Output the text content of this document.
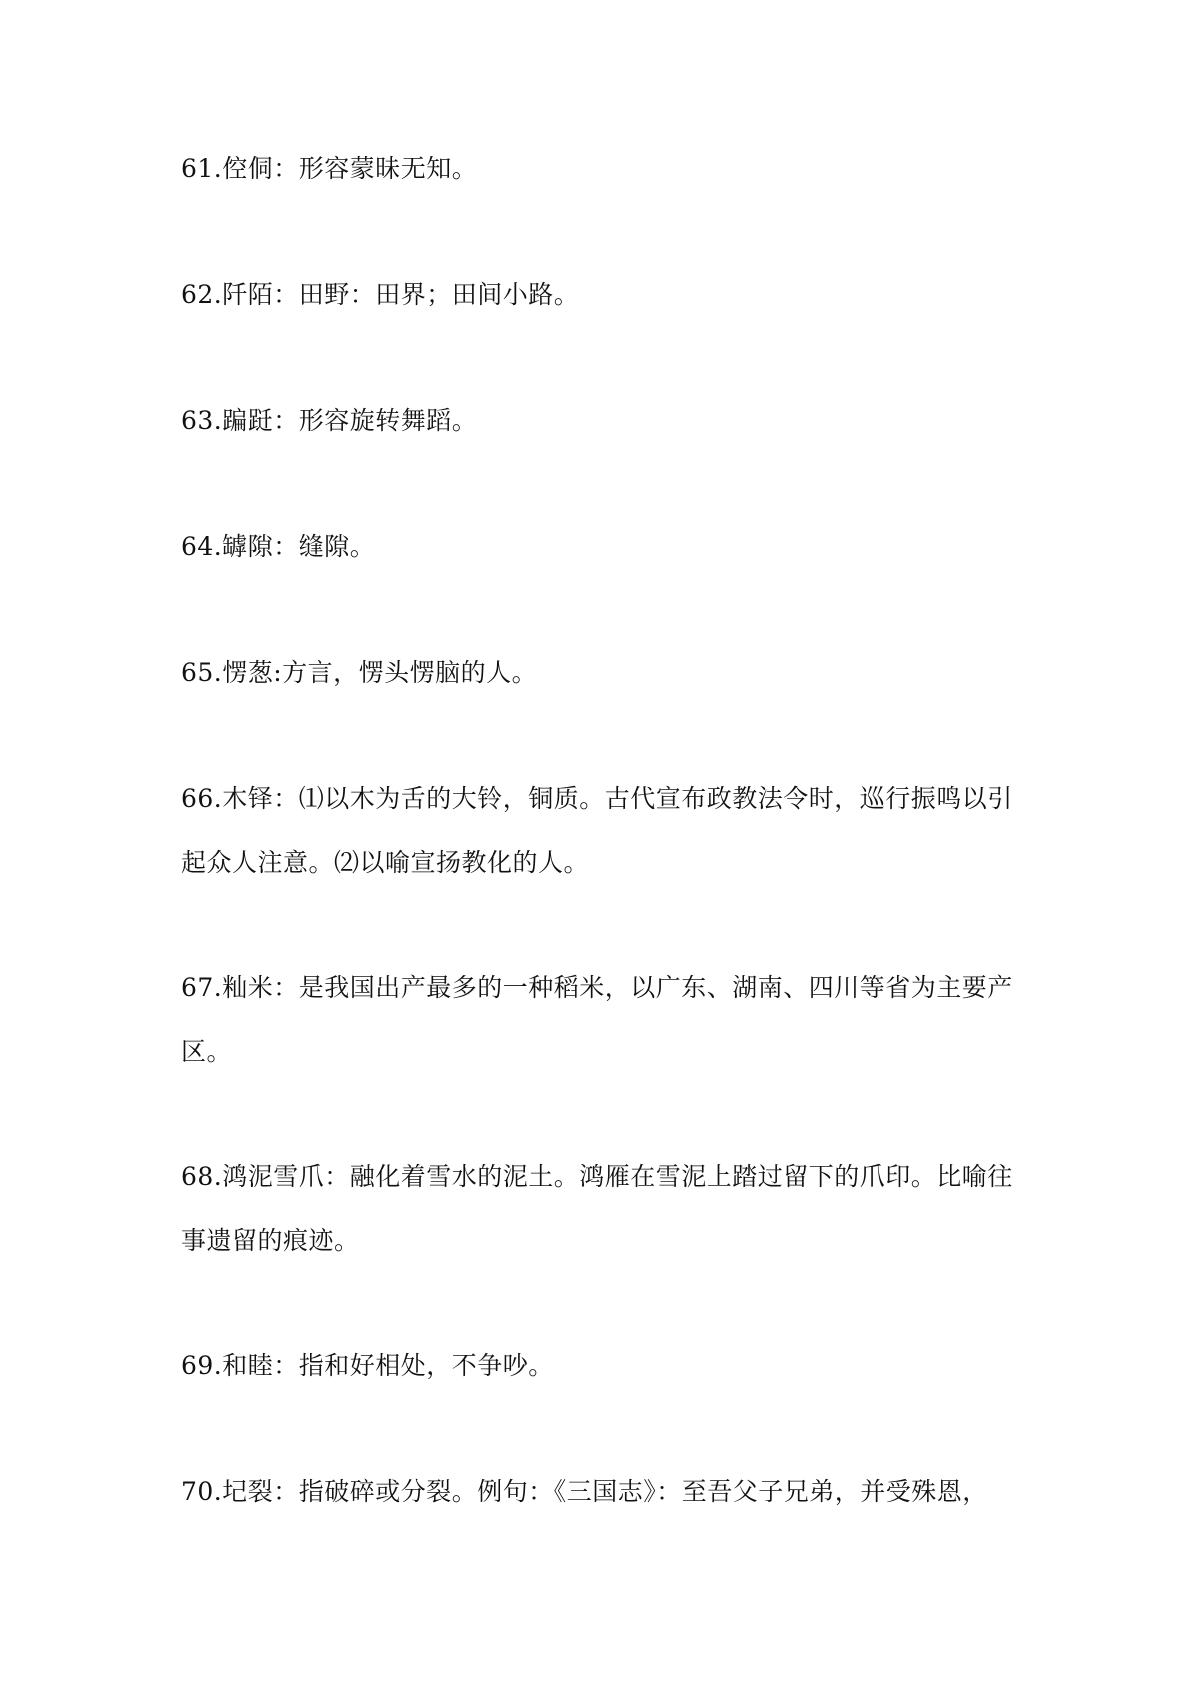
61.倥侗：形容蒙昧无知。

62.阡陌：田野：田界；田间小路。

63.蹁跹：形容旋转舞蹈。

64.罅隙：缝隙。

65.愣葱:方言，愣头愣脑的人。

66.木铎：⑴以木为舌的大铃，铜质。古代宣布政教法令时，巡行振鸣以引起众人注意。⑵以喻宣扬教化的人。

67.籼米：是我国出产最多的一种稻米，以广东、湖南、四川等省为主要产区。

68.鸿泥雪爪：融化着雪水的泥土。鸿雁在雪泥上踏过留下的爪印。比喻往事遗留的痕迹。

69.和睦：指和好相处，不争吵。

70.圮裂：指破碎或分裂。例句：《三国志》：至吾父子兄弟，并受殊恩，
